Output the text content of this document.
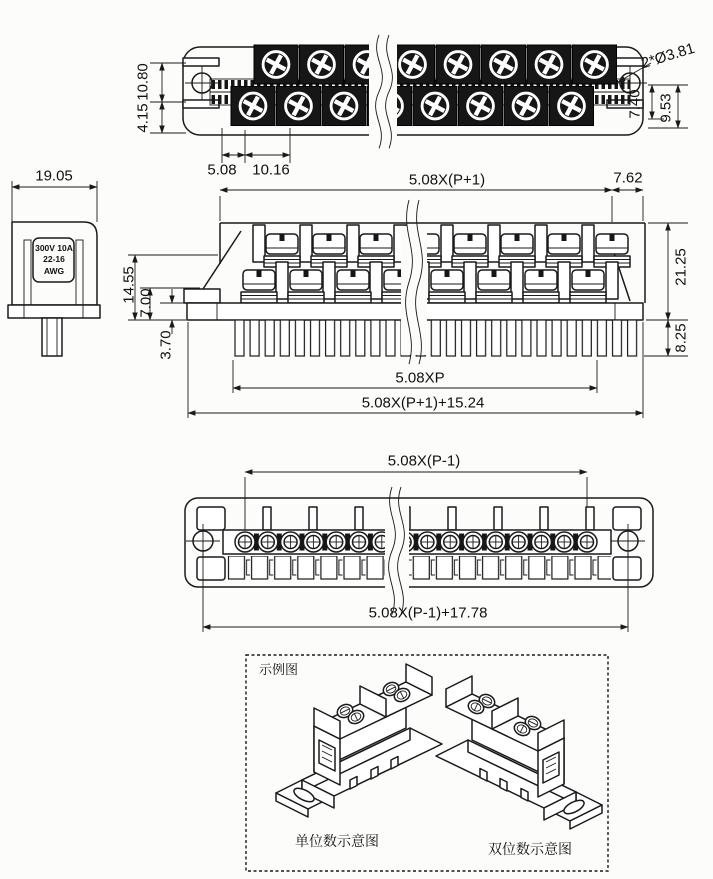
10.80
4.15
5.08 10.16
2*Ø3.81
7.40 9.53
19.05
300V 10A
22-16
AWG
5.08X(P+1)	7.62
14.55 7.00
3.70
21.25
8.25
5.08XP
5.08X(P+1)+15.24
5.08X(P-1)
5.08X(P-1)+17.78
示例图
单位数示意图	双位数示意图
